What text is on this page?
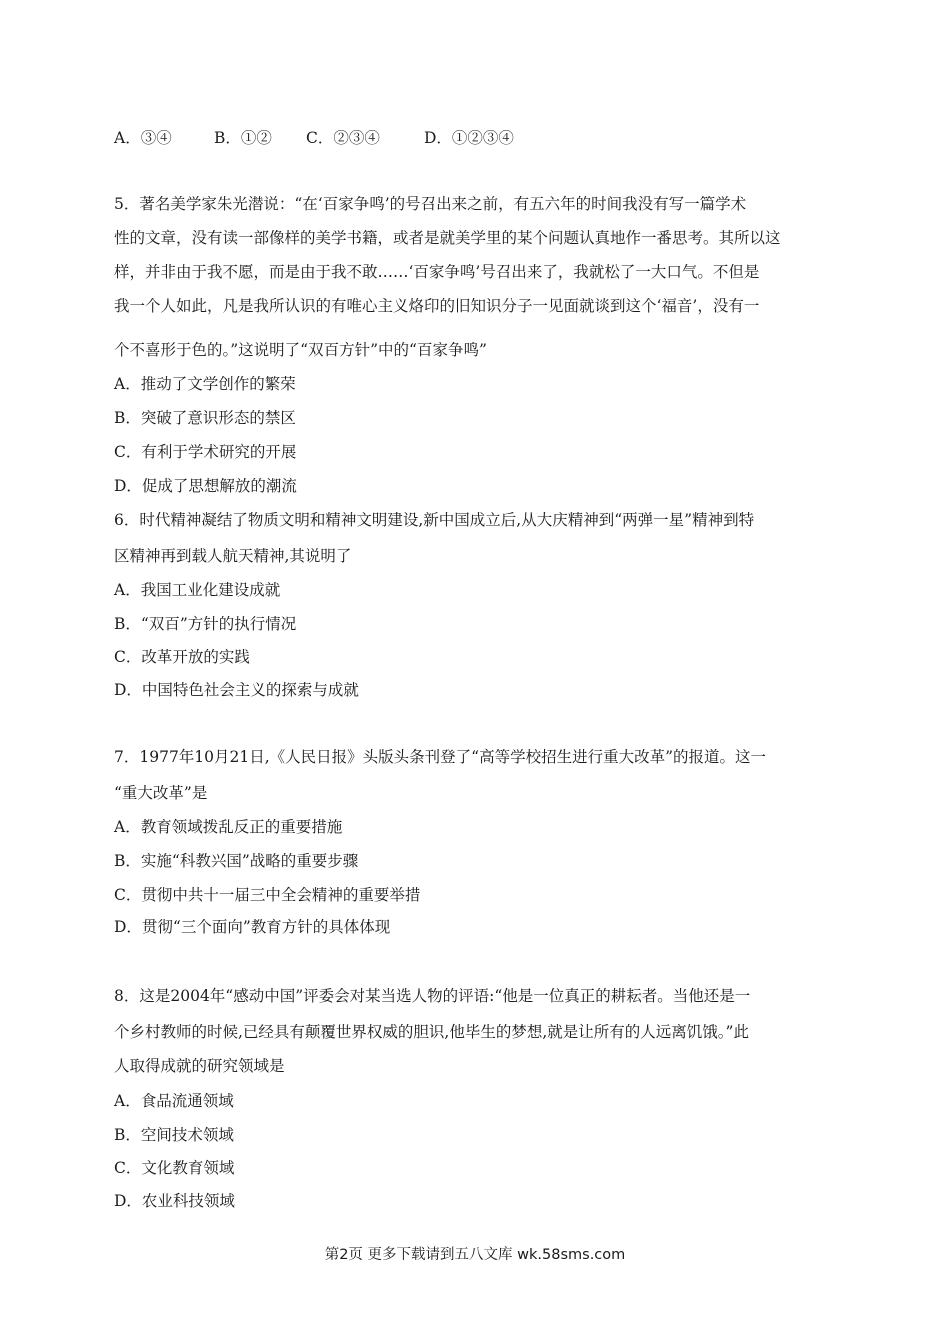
A．③④	B．①② C．②③④	D．①②③④
5．著名美学家朱光潜说：“在‘百家争鸣’的号召出来之前，有五六年的时间我没有写一篇学术
性的文章，没有读一部像样的美学书籍，或者是就美学里的某个问题认真地作一番思考。其所以这
样，并非由于我不愿，而是由于我不敢……‘百家争鸣’号召出来了，我就松了一大口气。不但是
我一个人如此，凡是我所认识的有唯心主义烙印的旧知识分子一见面就谈到这个‘福音’，没有一
个不喜形于色的。”这说明了“双百方针”中的“百家争鸣”
A．推动了文学创作的繁荣
B．突破了意识形态的禁区
C．有利于学术研究的开展
D．促成了思想解放的潮流
6．时代精神凝结了物质文明和精神文明建设,新中国成立后,从大庆精神到“两弹一星”精神到特
区精神再到载人航天精神,其说明了
A．我国工业化建设成就
B．“双百”方针的执行情况
C．改革开放的实践
D．中国特色社会主义的探索与成就
7．1977年10月21日,《人民日报》头版头条刊登了“高等学校招生进行重大改革”的报道。这一
“重大改革”是
A．教育领域拨乱反正的重要措施
B．实施“科教兴国”战略的重要步骤
C．贯彻中共十一届三中全会精神的重要举措
D．贯彻“三个面向”教育方针的具体体现
8．这是2004年“感动中国”评委会对某当选人物的评语:“他是一位真正的耕耘者。当他还是一
个乡村教师的时候,已经具有颠覆世界权威的胆识,他毕生的梦想,就是让所有的人远离饥饿。”此
人取得成就的研究领域是
A．食品流通领域
B．空间技术领域
C．文化教育领域
D．农业科技领域
第2页 更多下载请到五八文库 wk.58sms.com
